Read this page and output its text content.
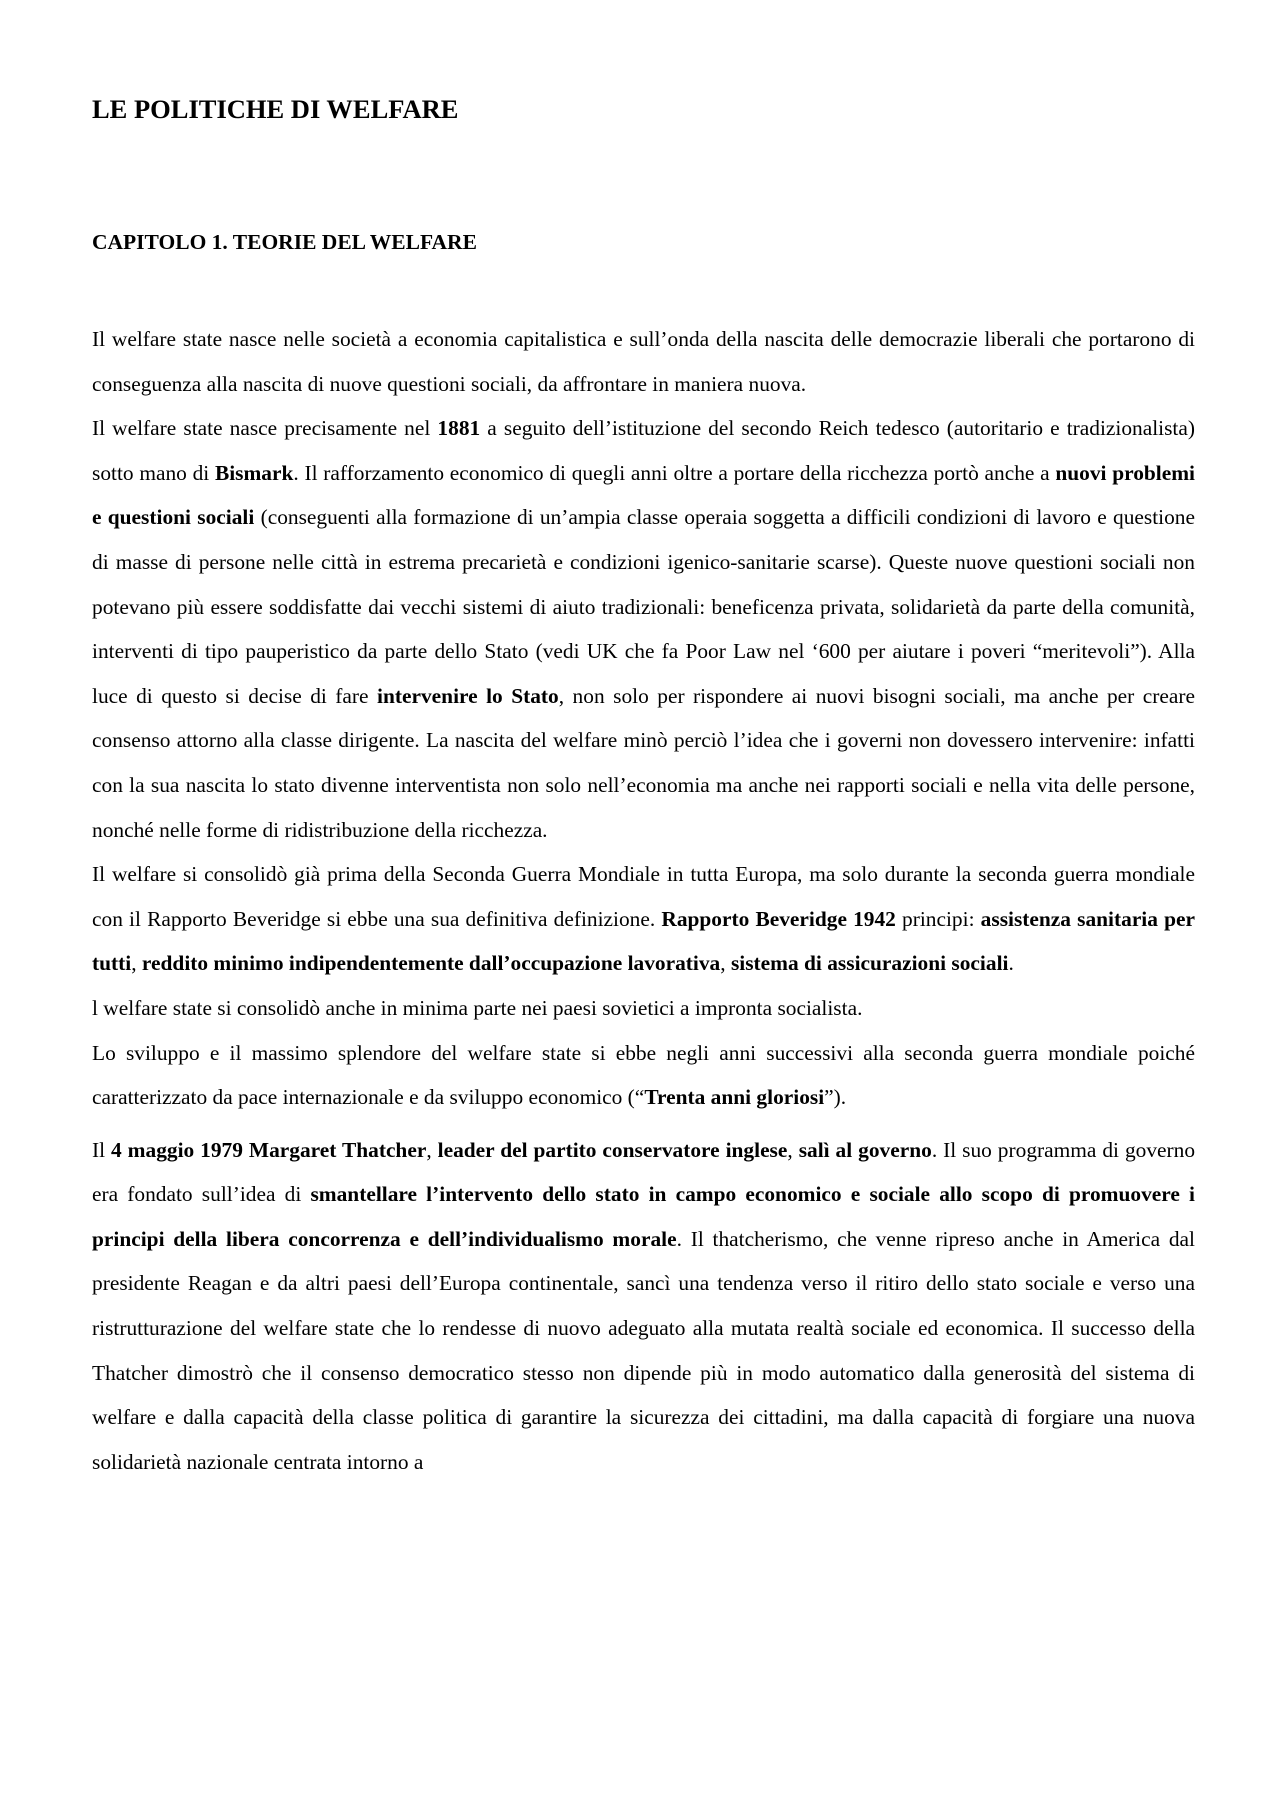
LE POLITICHE DI WELFARE
CAPITOLO 1. TEORIE DEL WELFARE

Il welfare state nasce nelle società a economia capitalistica e sull’onda della nascita delle democrazie liberali che portarono di conseguenza alla nascita di nuove questioni sociali, da affrontare in maniera nuova.

Il welfare state nasce precisamente nel 1881 a seguito dell’istituzione del secondo Reich tedesco (autoritario e tradizionalista) sotto mano di Bismark. Il rafforzamento economico di quegli anni oltre a portare della ricchezza portò anche a nuovi problemi e questioni sociali (conseguenti alla formazione di un’ampia classe operaia soggetta a difficili condizioni di lavoro e questione di masse di persone nelle città in estrema precarietà e condizioni igenico-sanitarie scarse). Queste nuove questioni sociali non potevano più essere soddisfatte dai vecchi sistemi di aiuto tradizionali: beneficenza privata, solidarietà da parte della comunità, interventi di tipo pauperistico da parte dello Stato (vedi UK che fa Poor Law nel ‘600 per aiutare i poveri “meritevoli”). Alla luce di questo si decise di fare intervenire lo Stato, non solo per rispondere ai nuovi bisogni sociali, ma anche per creare consenso attorno alla classe dirigente. La nascita del welfare minò perciò l’idea che i governi non dovessero intervenire: infatti con la sua nascita lo stato divenne interventista non solo nell’economia ma anche nei rapporti sociali e nella vita delle persone, nonché nelle forme di ridistribuzione della ricchezza.

Il welfare si consolidò già prima della Seconda Guerra Mondiale in tutta Europa, ma solo durante la seconda guerra mondiale con il Rapporto Beveridge si ebbe una sua definitiva definizione. Rapporto Beveridge 1942 principi: assistenza sanitaria per tutti, reddito minimo indipendentemente dall’occupazione lavorativa, sistema di assicurazioni sociali.

l welfare state si consolidò anche in minima parte nei paesi sovietici a impronta socialista.

Lo sviluppo e il massimo splendore del welfare state si ebbe negli anni successivi alla seconda guerra mondiale poiché caratterizzato da pace internazionale e da sviluppo economico (“Trenta anni gloriosi”).

Il 4 maggio 1979 Margaret Thatcher, leader del partito conservatore inglese, salì al governo. Il suo programma di governo era fondato sull’idea di smantellare l’intervento dello stato in campo economico e sociale allo scopo di promuovere i principi della libera concorrenza e dell’individualismo morale. Il thatcherismo, che venne ripreso anche in America dal presidente Reagan e da altri paesi dell’Europa continentale, sancì una tendenza verso il ritiro dello stato sociale e verso una ristrutturazione del welfare state che lo rendesse di nuovo adeguato alla mutata realtà sociale ed economica. Il successo della Thatcher dimostrò che il consenso democratico stesso non dipende più in modo automatico dalla generosità del sistema di welfare e dalla capacità della classe politica di garantire la sicurezza dei cittadini, ma dalla capacità di forgiare una nuova solidarietà nazionale centrata intorno a
